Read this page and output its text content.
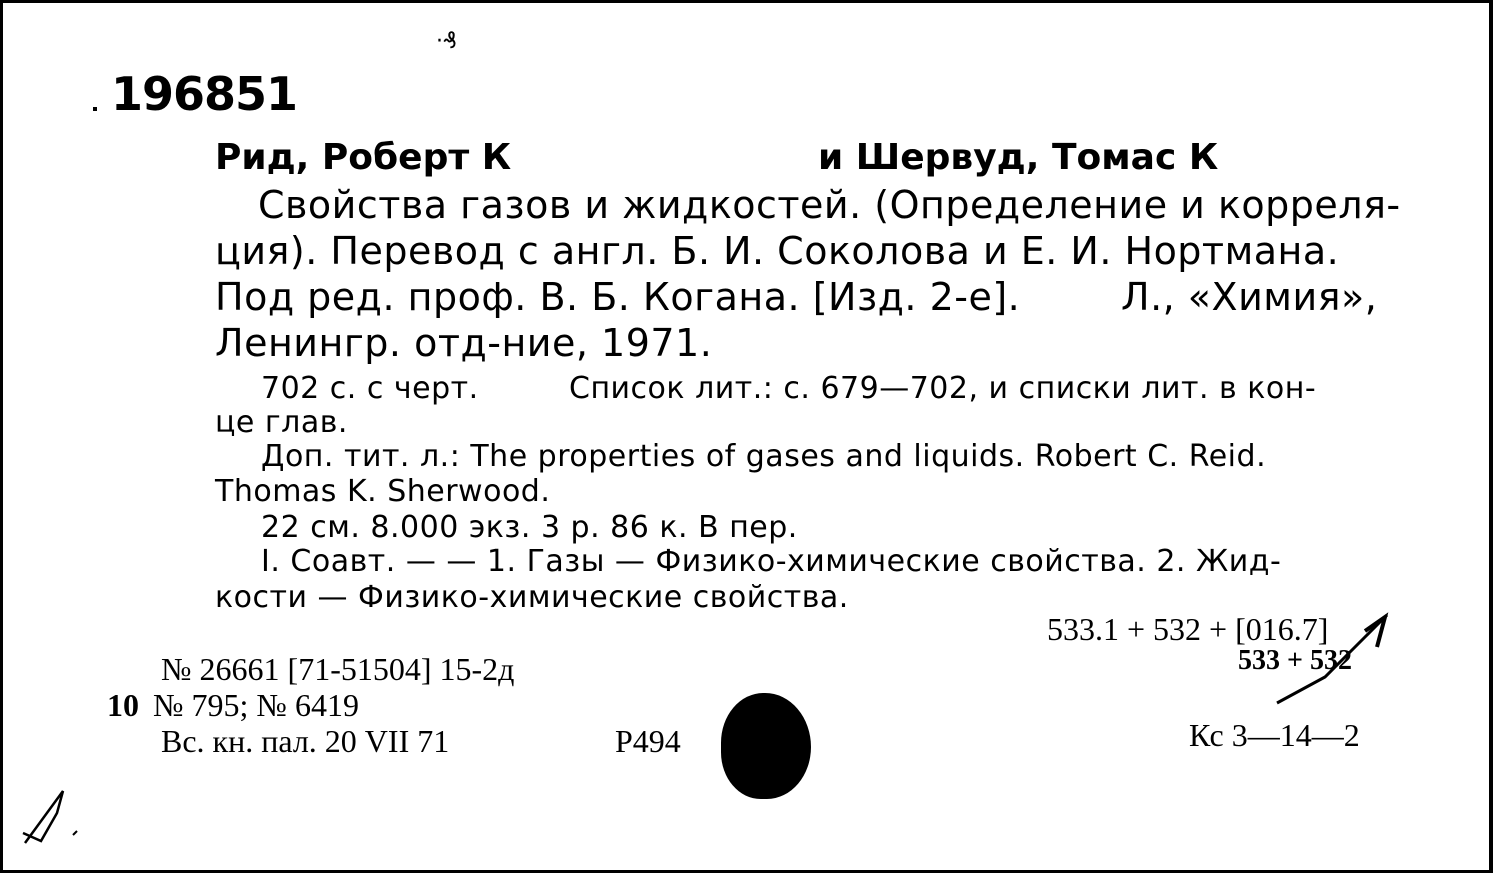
·₰
196851
Рид, Роберт К	и Шервуд, Томас К
Свойства газов и жидкостей. (Определение и корреля-
ция). Перевод с англ. Б. И. Соколова и Е. И. Нортмана.
Под ред. проф. В. Б. Когана. [Изд. 2-е].	Л., «Химия»,
Ленингр. отд-ние, 1971.
702 с. с черт.	Список лит.: с. 679—702, и списки лит. в кон-
це глав.
Доп. тит. л.: The properties of gases and liquids. Robert C. Reid.
Thomas K. Sherwood.
22 см. 8.000 экз. 3 р. 86 к. В пер.
I. Соавт. — — 1. Газы — Физико-химические свойства. 2. Жид-
кости — Физико-химические свойства.
533.1 + 532 + [016.7]
533 + 532
№ 26661 [71-51504] 15-2д
10 № 795; № 6419
Вс. кн. пал. 20 VII 71	Р494	Кс 3—14—2
